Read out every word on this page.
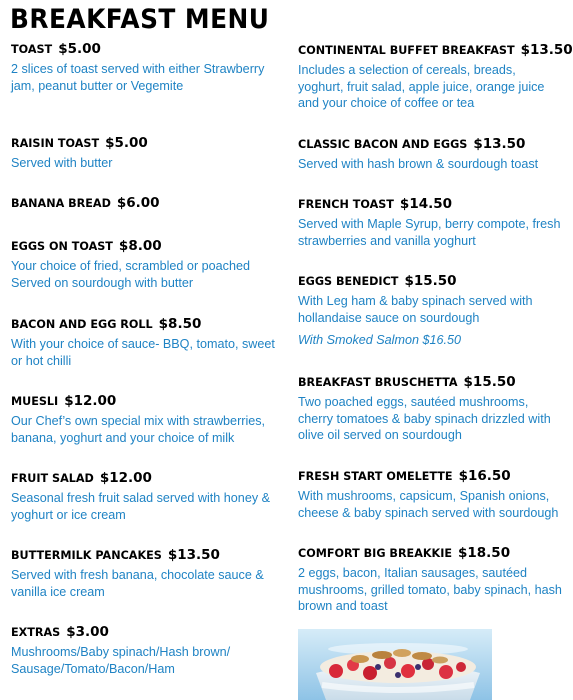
BREAKFAST MENU
TOAST $5.00
2 slices of toast served with either Strawberry jam, peanut butter or Vegemite
RAISIN TOAST $5.00
Served with butter
BANANA BREAD $6.00
EGGS ON TOAST $8.00
Your choice of fried, scrambled or poached Served on sourdough with butter
BACON AND EGG ROLL $8.50
With your choice of sauce- BBQ, tomato, sweet or hot chilli
MUESLI $12.00
Our Chef’s own special mix with strawberries, banana, yoghurt and your choice of milk
FRUIT SALAD $12.00
Seasonal fresh fruit salad served with honey & yoghurt or ice cream
BUTTERMILK PANCAKES $13.50
Served with fresh banana, chocolate sauce & vanilla ice cream
EXTRAS $3.00
Mushrooms/Baby spinach/Hash brown/ Sausage/Tomato/Bacon/Ham
CONTINENTAL BUFFET BREAKFAST $13.50
Includes a selection of cereals, breads, yoghurt, fruit salad, apple juice, orange juice and your choice of coffee or tea
CLASSIC BACON AND EGGS $13.50
Served with hash brown & sourdough toast
FRENCH TOAST $14.50
Served with Maple Syrup, berry compote, fresh strawberries and vanilla yoghurt
EGGS BENEDICT $15.50
With Leg ham & baby spinach served with hollandaise sauce on sourdough
With Smoked Salmon $16.50
BREAKFAST BRUSCHETTA $15.50
Two poached eggs, sautéed mushrooms, cherry tomatoes & baby spinach drizzled with olive oil served on sourdough
FRESH START OMELETTE $16.50
With mushrooms, capsicum, Spanish onions, cheese & baby spinach served with sourdough
COMFORT BIG BREAKKIE $18.50
2 eggs, bacon, Italian sausages, sautéed mushrooms, grilled tomato, baby spinach, hash brown and toast
